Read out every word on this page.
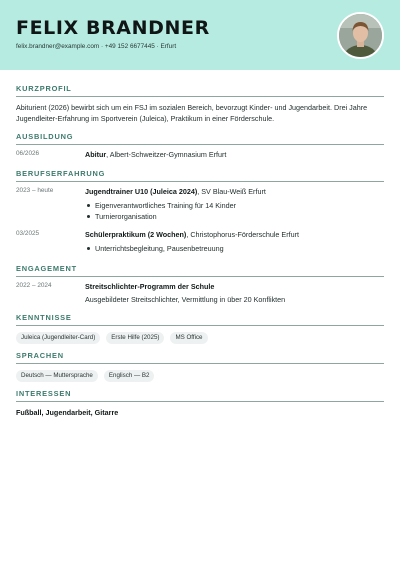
FELIX BRANDNER
felix.brandner@example.com · +49 152 6677445 · Erfurt
KURZPROFIL
Abiturient (2026) bewirbt sich um ein FSJ im sozialen Bereich, bevorzugt Kinder- und Jugendarbeit. Drei Jahre Jugendleiter-Erfahrung im Sportverein (Juleica), Praktikum in einer Förderschule.
AUSBILDUNG
06/2026	Abitur, Albert-Schweitzer-Gymnasium Erfurt
BERUFSERFAHRUNG
2023 – heute	Jugendtrainer U10 (Juleica 2024), SV Blau-Weiß Erfurt
Eigenverantwortliches Training für 14 Kinder
Turnierorganisation
03/2025	Schülerpraktikum (2 Wochen), Christophorus-Förderschule Erfurt
Unterrichtsbegleitung, Pausenbetreuung
ENGAGEMENT
2022 – 2024	Streitschlichter-Programm der Schule
Ausgebildeter Streitschlichter, Vermittlung in über 20 Konflikten
KENNTNISSE
Juleica (Jugendleiter-Card)	Erste Hilfe (2025)	MS Office
SPRACHEN
Deutsch — Muttersprache	Englisch — B2
INTERESSEN
Fußball, Jugendarbeit, Gitarre
